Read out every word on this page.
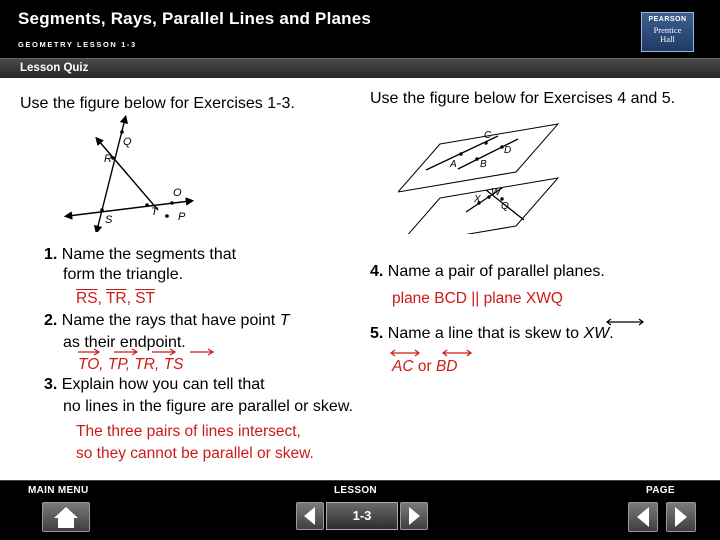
Segments, Rays, Parallel Lines and Planes
GEOMETRY LESSON 1-3
PEARSON
Prentice
Hall
Lesson Quiz
Use the figure below for Exercises 1-3.
Q
R
O
S
T P
1. Name the segments that
form the triangle.
$\overline{RS}$, $\overline{TR}$, $\overline{ST}$
2. Name the rays that have point T
as their endpoint.
TO, TP, TR, TS
3. Explain how you can tell that
no lines in the figure are parallel or skew.
The three pairs of lines intersect,
so they cannot be parallel or skew.
Use the figure below for Exercises 4 and 5.
C
D
A B
W
X
Q
4. Name a pair of parallel planes.
plane BCD || plane XWQ
5. Name a line that is skew to XW.
AC or BD
MAIN MENU	LESSON	PAGE
1-3
